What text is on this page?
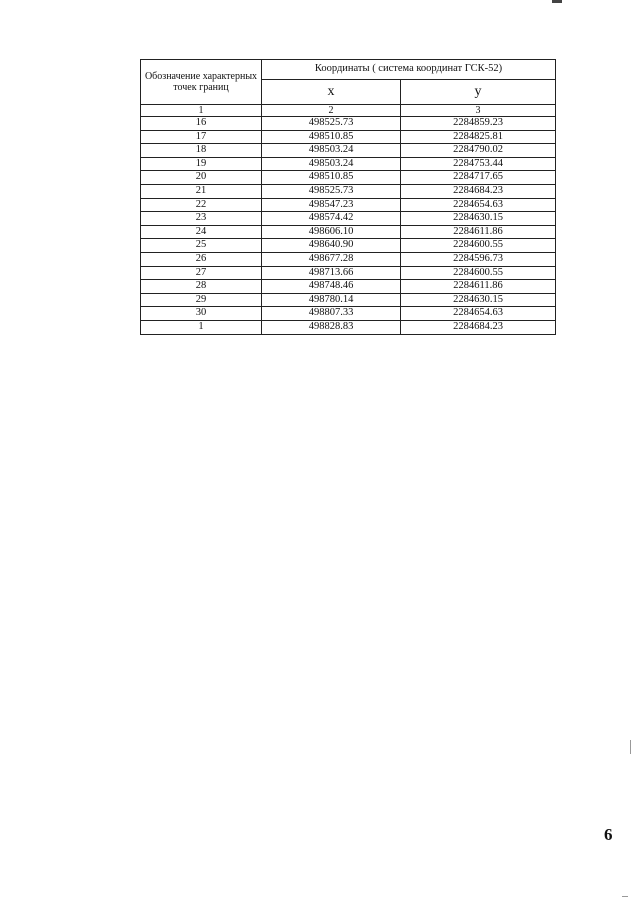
Обозначение характерных точек границ	Координаты ( система координат ГСК-52)	
	x	y
1	2	3
16	498525.73	2284859.23
17	498510.85	2284825.81
18	498503.24	2284790.02
19	498503.24	2284753.44
20	498510.85	2284717.65
21	498525.73	2284684.23
22	498547.23	2284654.63
23	498574.42	2284630.15
24	498606.10	2284611.86
25	498640.90	2284600.55
26	498677.28	2284596.73
27	498713.66	2284600.55
28	498748.46	2284611.86
29	498780.14	2284630.15
30	498807.33	2284654.63
1	498828.83	2284684.23
6
